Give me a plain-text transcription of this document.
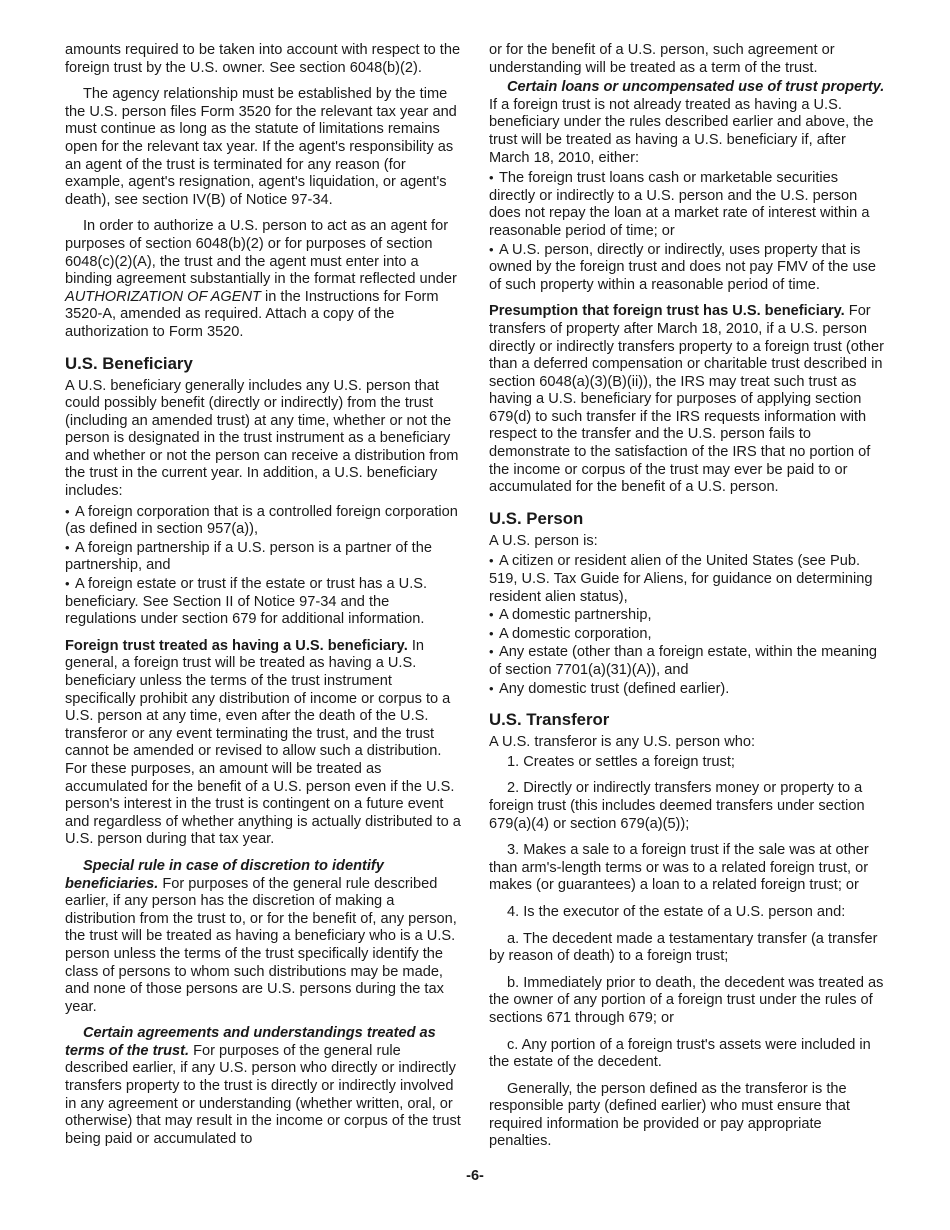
amounts required to be taken into account with respect to the foreign trust by the U.S. owner. See section 6048(b)(2).

The agency relationship must be established by the time the U.S. person files Form 3520 for the relevant tax year and must continue as long as the statute of limitations remains open for the relevant tax year. If the agent's responsibility as an agent of the trust is terminated for any reason (for example, agent's resignation, agent's liquidation, or agent's death), see section IV(B) of Notice 97-34.

In order to authorize a U.S. person to act as an agent for purposes of section 6048(b)(2) or for purposes of section 6048(c)(2)(A), the trust and the agent must enter into a binding agreement substantially in the format reflected under AUTHORIZATION OF AGENT in the Instructions for Form 3520-A, amended as required. Attach a copy of the authorization to Form 3520.

U.S. Beneficiary

A U.S. beneficiary generally includes any U.S. person that could possibly benefit (directly or indirectly) from the trust (including an amended trust) at any time, whether or not the person is designated in the trust instrument as a beneficiary and whether or not the person can receive a distribution from the trust in the current year. In addition, a U.S. beneficiary includes:

• A foreign corporation that is a controlled foreign corporation (as defined in section 957(a)),
• A foreign partnership if a U.S. person is a partner of the partnership, and
• A foreign estate or trust if the estate or trust has a U.S. beneficiary. See Section II of Notice 97-34 and the regulations under section 679 for additional information.

Foreign trust treated as having a U.S. beneficiary. In general, a foreign trust will be treated as having a U.S. beneficiary unless the terms of the trust instrument specifically prohibit any distribution of income or corpus to a U.S. person at any time, even after the death of the U.S. transferor or any event terminating the trust, and the trust cannot be amended or revised to allow such a distribution. For these purposes, an amount will be treated as accumulated for the benefit of a U.S. person even if the U.S. person's interest in the trust is contingent on a future event and regardless of whether anything is actually distributed to a U.S. person during that tax year.

Special rule in case of discretion to identify beneficiaries. For purposes of the general rule described earlier, if any person has the discretion of making a distribution from the trust to, or for the benefit of, any person, the trust will be treated as having a beneficiary who is a U.S. person unless the terms of the trust specifically identify the class of persons to whom such distributions may be made, and none of those persons are U.S. persons during the tax year.

Certain agreements and understandings treated as terms of the trust. For purposes of the general rule described earlier, if any U.S. person who directly or indirectly transfers property to the trust is directly or indirectly involved in any agreement or understanding (whether written, oral, or otherwise) that may result in the income or corpus of the trust being paid or accumulated to

or for the benefit of a U.S. person, such agreement or understanding will be treated as a term of the trust.

Certain loans or uncompensated use of trust property. If a foreign trust is not already treated as having a U.S. beneficiary under the rules described earlier and above, the trust will be treated as having a U.S. beneficiary if, after March 18, 2010, either:

• The foreign trust loans cash or marketable securities directly or indirectly to a U.S. person and the U.S. person does not repay the loan at a market rate of interest within a reasonable period of time; or
• A U.S. person, directly or indirectly, uses property that is owned by the foreign trust and does not pay FMV of the use of such property within a reasonable period of time.

Presumption that foreign trust has U.S. beneficiary. For transfers of property after March 18, 2010, if a U.S. person directly or indirectly transfers property to a foreign trust (other than a deferred compensation or charitable trust described in section 6048(a)(3)(B)(ii)), the IRS may treat such trust as having a U.S. beneficiary for purposes of applying section 679(d) to such transfer if the IRS requests information with respect to the transfer and the U.S. person fails to demonstrate to the satisfaction of the IRS that no portion of the income or corpus of the trust may ever be paid to or accumulated for the benefit of a U.S. person.

U.S. Person

A U.S. person is:

• A citizen or resident alien of the United States (see Pub. 519, U.S. Tax Guide for Aliens, for guidance on determining resident alien status),
• A domestic partnership,
• A domestic corporation,
• Any estate (other than a foreign estate, within the meaning of section 7701(a)(31)(A)), and
• Any domestic trust (defined earlier).
U.S. Transferor

A U.S. transferor is any U.S. person who:

1. Creates or settles a foreign trust;

2. Directly or indirectly transfers money or property to a foreign trust (this includes deemed transfers under section 679(a)(4) or section 679(a)(5));

3. Makes a sale to a foreign trust if the sale was at other than arm's-length terms or was to a related foreign trust, or makes (or guarantees) a loan to a related foreign trust; or

4. Is the executor of the estate of a U.S. person and:

a. The decedent made a testamentary transfer (a transfer by reason of death) to a foreign trust;

b. Immediately prior to death, the decedent was treated as the owner of any portion of a foreign trust under the rules of sections 671 through 679; or

c. Any portion of a foreign trust's assets were included in the estate of the decedent.

Generally, the person defined as the transferor is the responsible party (defined earlier) who must ensure that required information be provided or pay appropriate penalties.

-6-
